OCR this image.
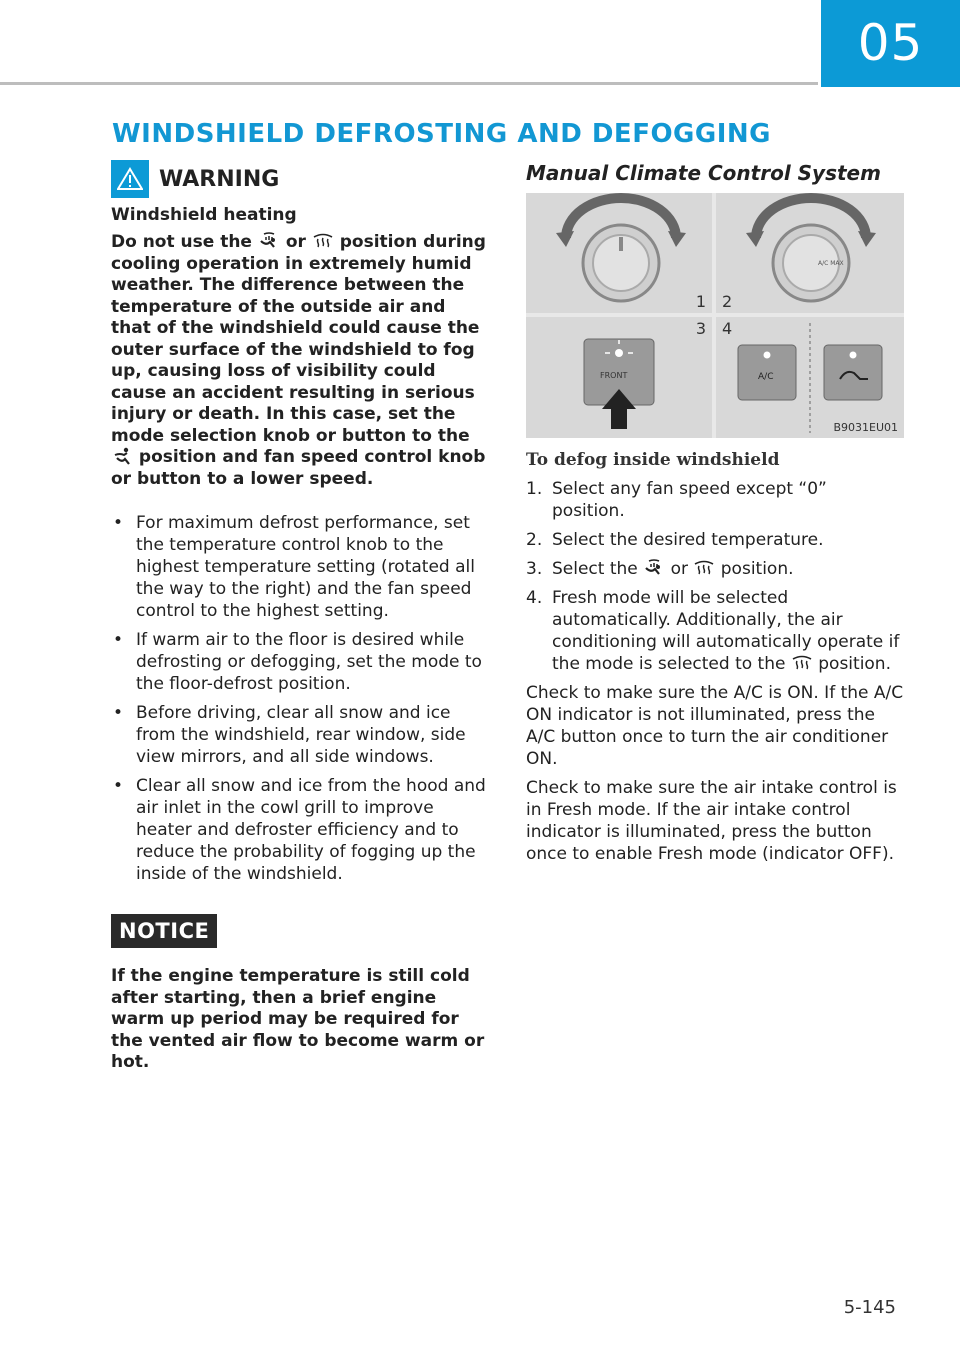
05
WINDSHIELD DEFROSTING AND DEFOGGING
WARNING
Windshield heating

Do not use the or position during cooling operation in extremely humid weather. The difference between the temperature of the outside air and that of the windshield could cause the outer surface of the windshield to fog up, causing loss of visibility could cause an accident resulting in serious injury or death. In this case, set the mode selection knob or button to the  position and fan speed control knob or button to a lower speed.

• For maximum defrost performance, set the temperature control knob to the highest temperature setting (rotated all the way to the right) and the fan speed control to the highest setting.
• If warm air to the floor is desired while defrosting or defogging, set the mode to the floor-defrost position.
• Before driving, clear all snow and ice from the windshield, rear window, side view mirrors, and all side windows.
• Clear all snow and ice from the hood and air inlet in the cowl grill to improve heater and defroster efficiency and to reduce the probability of fogging up the inside of the windshield.
NOTICE

If the engine temperature is still cold after starting, then a brief engine warm up period may be required for the vented air flow to become warm or hot.

Manual Climate Control System
1
A/C MAX
2
3
FRONT
4
A/C
B9031EU01
To defog inside windshield
1. Select any fan speed except “0” position.
2. Select the desired temperature.
3. Select the or position.
4. Fresh mode will be selected automatically. Additionally, the air conditioning will automatically operate if the mode is selected to the position.

Check to make sure the A/C is ON. If the A/C ON indicator is not illuminated, press the A/C button once to turn the air conditioner ON.

Check to make sure the air intake control is in Fresh mode. If the air intake control indicator is illuminated, press the button once to enable Fresh mode (indicator OFF).

5-145
